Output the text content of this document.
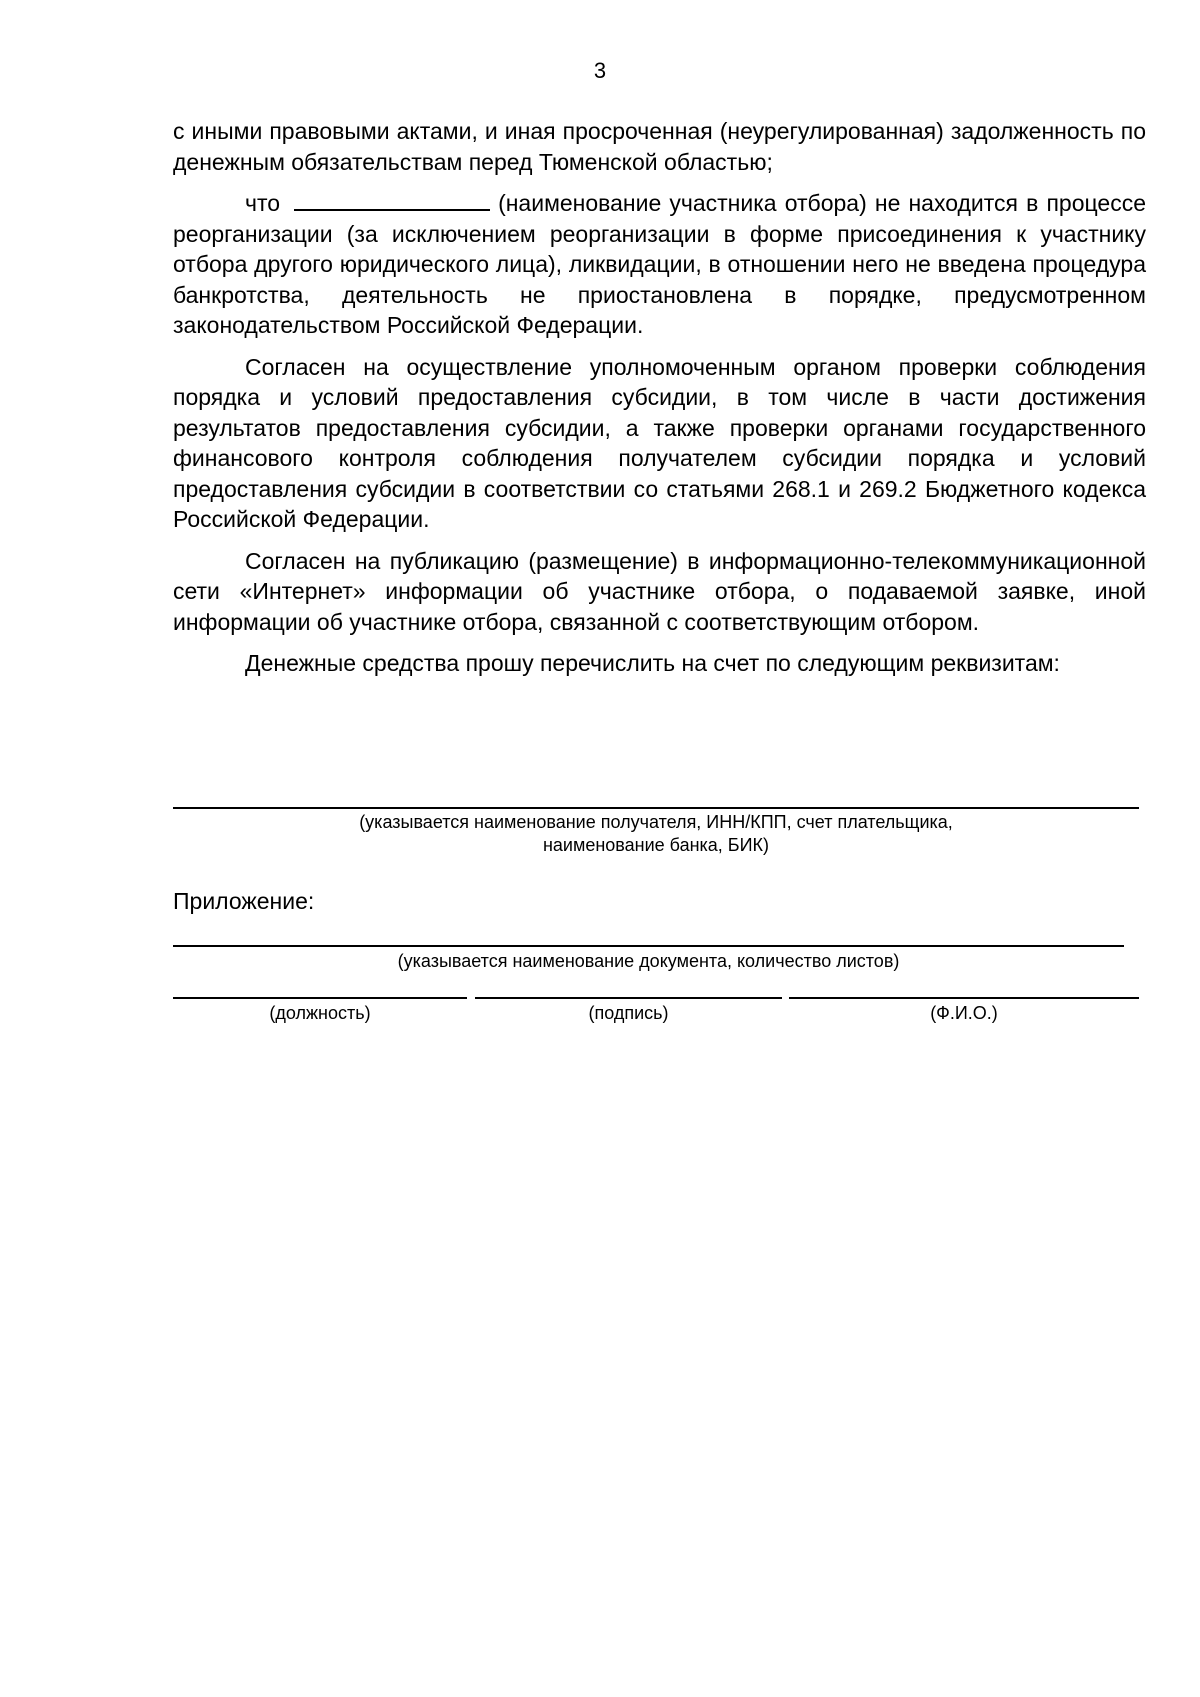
3

с иными правовыми актами, и иная просроченная (неурегулированная) задолженность по денежным обязательствам перед Тюменской областью;

что	(наименование участника отбора) не находится в процессе реорганизации (за исключением реорганизации в форме присоединения к участнику отбора другого юридического лица), ликвидации, в отношении него не введена процедура банкротства, деятельность не приостановлена в порядке, предусмотренном законодательством Российской Федерации.

Согласен на осуществление уполномоченным органом проверки соблюдения порядка и условий предоставления субсидии, в том числе в части достижения результатов предоставления субсидии, а также проверки органами государственного финансового контроля соблюдения получателем субсидии порядка и условий предоставления субсидии в соответствии со статьями 268.1 и 269.2 Бюджетного кодекса Российской Федерации.

Согласен на публикацию (размещение) в информационно-телекоммуникационной сети «Интернет» информации об участнике отбора, о подаваемой заявке, иной информации об участнике отбора, связанной с соответствующим отбором.

Денежные средства прошу перечислить на счет по следующим реквизитам:

(указывается наименование получателя, ИНН/КПП, счет плательщика,
наименование банка, БИК)
Приложение:
(указывается наименование документа, количество листов)
(должность)	(подпись)	(Ф.И.О.)
